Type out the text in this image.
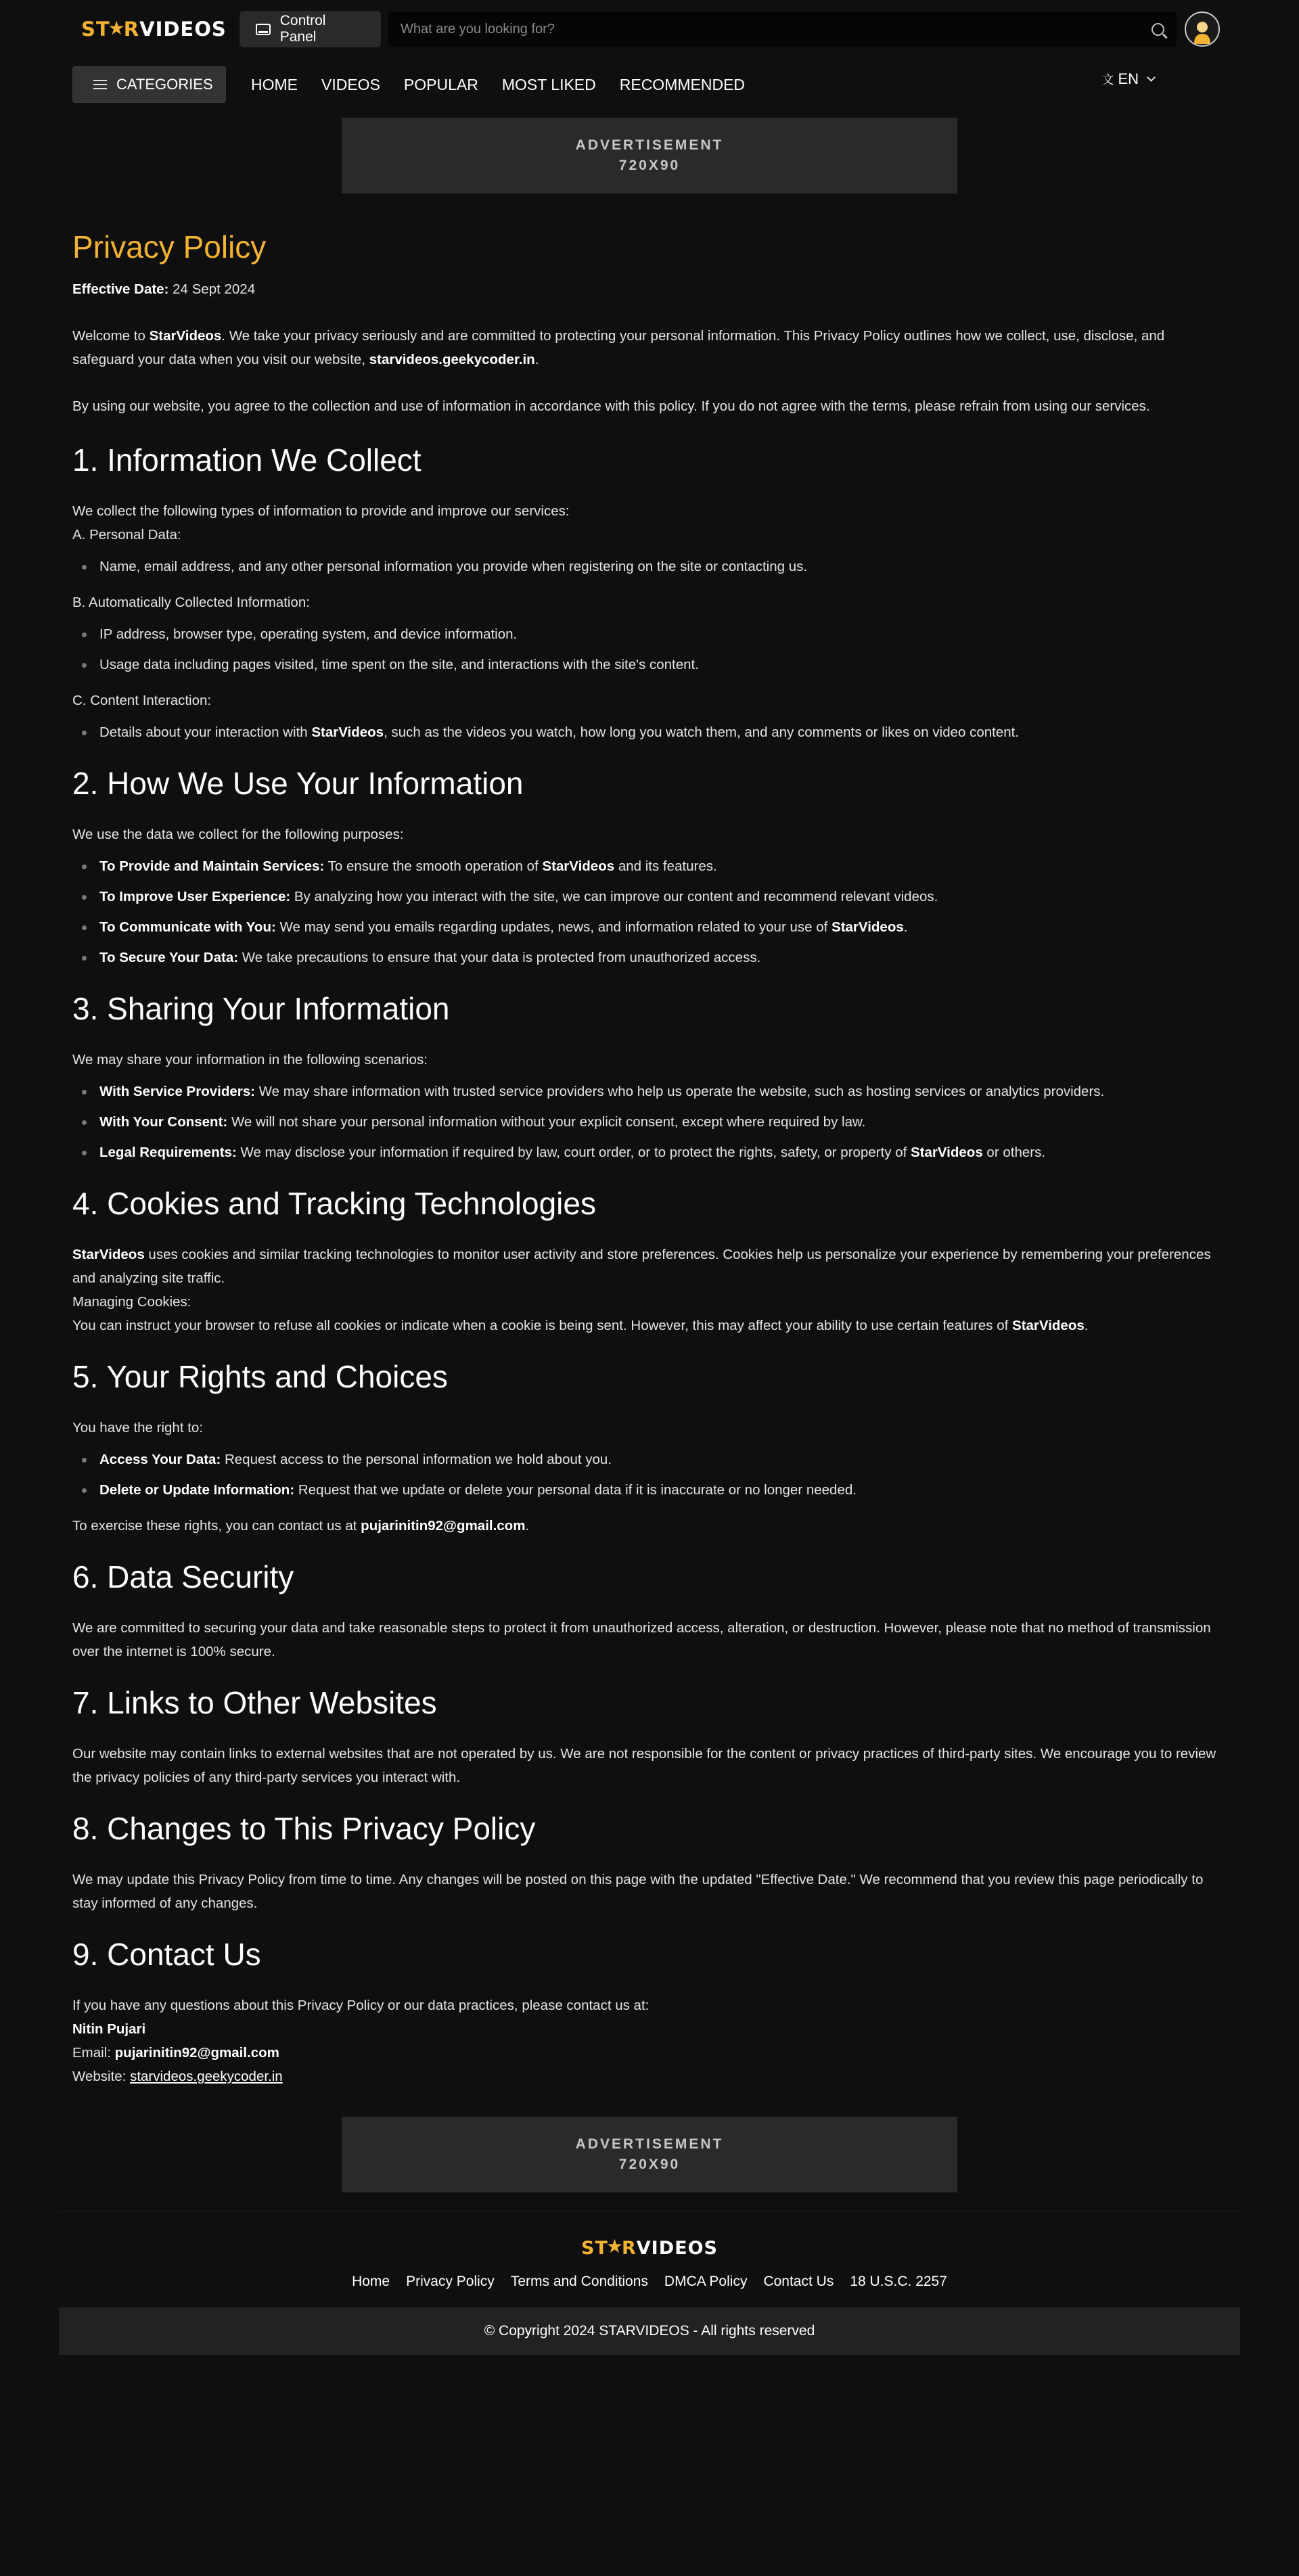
ST★RVIDEOS	Control Panel
What are you looking for?
CATEGORIES HOME VIDEOS POPULAR MOST LIKED RECOMMENDED	文 EN
ADVERTISEMENT
720X90
Privacy Policy

Effective Date: 24 Sept 2024

Welcome to StarVideos. We take your privacy seriously and are committed to protecting your personal information. This Privacy Policy outlines how we collect, use, disclose, and safeguard your data when you visit our website, starvideos.geekycoder.in.

By using our website, you agree to the collection and use of information in accordance with this policy. If you do not agree with the terms, please refrain from using our services.

1. Information We Collect

We collect the following types of information to provide and improve our services:

A. Personal Data:

Name, email address, and any other personal information you provide when registering on the site or contacting us.

B. Automatically Collected Information:

IP address, browser type, operating system, and device information.
Usage data including pages visited, time spent on the site, and interactions with the site's content.

C. Content Interaction:

Details about your interaction with StarVideos, such as the videos you watch, how long you watch them, and any comments or likes on video content.
2. How We Use Your Information

We use the data we collect for the following purposes:

To Provide and Maintain Services: To ensure the smooth operation of StarVideos and its features.
To Improve User Experience: By analyzing how you interact with the site, we can improve our content and recommend relevant videos.
To Communicate with You: We may send you emails regarding updates, news, and information related to your use of StarVideos.
To Secure Your Data: We take precautions to ensure that your data is protected from unauthorized access.
3. Sharing Your Information

We may share your information in the following scenarios:

With Service Providers: We may share information with trusted service providers who help us operate the website, such as hosting services or analytics providers.
With Your Consent: We will not share your personal information without your explicit consent, except where required by law.
Legal Requirements: We may disclose your information if required by law, court order, or to protect the rights, safety, or property of StarVideos or others.
4. Cookies and Tracking Technologies

StarVideos uses cookies and similar tracking technologies to monitor user activity and store preferences. Cookies help us personalize your experience by remembering your preferences and analyzing site traffic.

Managing Cookies:

You can instruct your browser to refuse all cookies or indicate when a cookie is being sent. However, this may affect your ability to use certain features of StarVideos.

5. Your Rights and Choices

You have the right to:

Access Your Data: Request access to the personal information we hold about you.
Delete or Update Information: Request that we update or delete your personal data if it is inaccurate or no longer needed.

To exercise these rights, you can contact us at pujarinitin92@gmail.com.

6. Data Security

We are committed to securing your data and take reasonable steps to protect it from unauthorized access, alteration, or destruction. However, please note that no method of transmission over the internet is 100% secure.

7. Links to Other Websites

Our website may contain links to external websites that are not operated by us. We are not responsible for the content or privacy practices of third-party sites. We encourage you to review the privacy policies of any third-party services you interact with.

8. Changes to This Privacy Policy

We may update this Privacy Policy from time to time. Any changes will be posted on this page with the updated "Effective Date." We recommend that you review this page periodically to stay informed of any changes.

9. Contact Us

If you have any questions about this Privacy Policy or our data practices, please contact us at:

Nitin Pujari

Email: pujarinitin92@gmail.com

Website: starvideos.geekycoder.in

ADVERTISEMENT
720X90
ST★RVIDEOS
Home Privacy Policy Terms and Conditions DMCA Policy Contact Us 18 U.S.C. 2257
© Copyright 2024 STARVIDEOS - All rights reserved
